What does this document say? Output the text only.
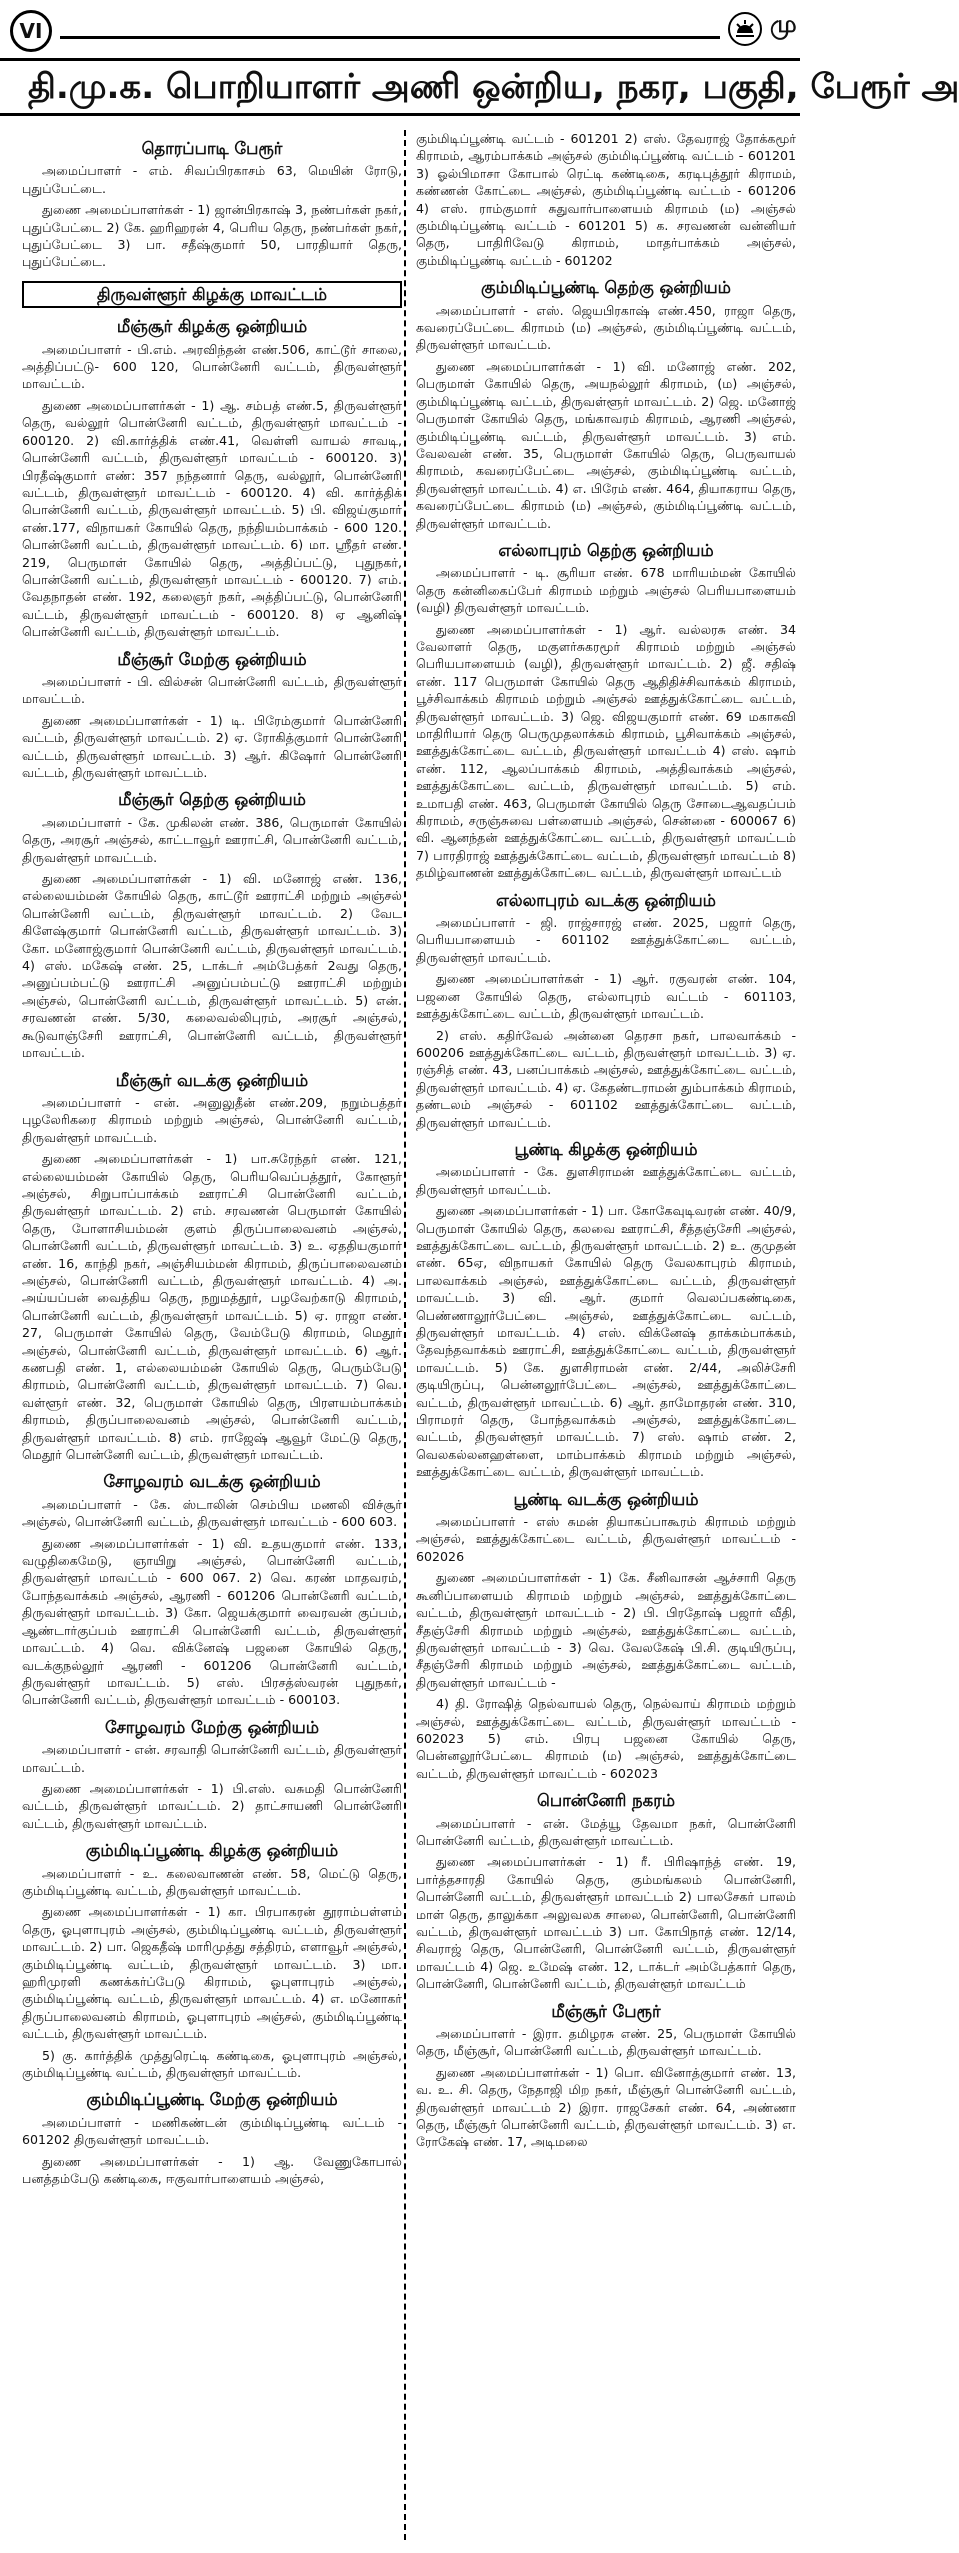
VI	மு
தி.மு.க. பொறியாளர் அணி ஒன்றிய, நகர, பகுதி, பேரூர் அ
தொரப்பாடி பேரூர்
அமைப்பாளர் - எம். சிவப்பிரகாசம் 63, மெயின் ரோடு, புதுப்பேட்டை.
துணை அமைப்பாளர்கள் - 1) ஜான்பிரகாஷ் 3, நண்பர்கள் நகர், புதுப்பேட்டை 2) கே. ஹரிஹரன் 4, பெரிய தெரு, நண்பர்கள் நகர், புதுப்பேட்டை 3) பா. சதீஷ்குமார் 50, பாரதியார் தெரு, புதுப்பேட்டை.
திருவள்ளூர் கிழக்கு மாவட்டம்
மீஞ்சூர் கிழக்கு ஒன்றியம்
அமைப்பாளர் - பி.எம். அரவிந்தன் எண்.506, காட்டூர் சாலை, அத்திப்பட்டு- 600 120, பொன்னேரி வட்டம், திருவள்ளூர் மாவட்டம்.
துணை அமைப்பாளர்கள் - 1) ஆ. சம்பத் எண்.5, திருவள்ளூர் தெரு, வல்லூர் பொன்னேரி வட்டம், திருவள்ளூர் மாவட்டம் - 600120. 2) வி.கார்த்திக் எண்.41, வெள்ளி வாயல் சாவடி, பொன்னேரி வட்டம், திருவள்ளூர் மாவட்டம் - 600120. 3) பிரதீஷ்குமார் எண்: 357 நந்தனார் தெரு, வல்லூர், பொன்னேரி வட்டம், திருவள்ளூர் மாவட்டம் - 600120. 4) வி. கார்த்திக் பொன்னேரி வட்டம், திருவள்ளூர் மாவட்டம். 5) பி. விஜய்குமார் எண்.177, விநாயகர் கோயில் தெரு, நந்தியம்பாக்கம் - 600 120. பொன்னேரி வட்டம், திருவள்ளூர் மாவட்டம். 6) மா. ஸ்ரீதர் எண். 219, பெருமாள் கோயில் தெரு, அத்திப்பட்டு, புதுநகர், பொன்னேரி வட்டம், திருவள்ளூர் மாவட்டம் - 600120. 7) எம். வேதநாதன் எண். 192, கலைஞர் நகர், அத்திப்பட்டு, பொன்னேரி வட்டம், திருவள்ளூர் மாவட்டம் - 600120. 8) ஏ ஆனிஷ் பொன்னேரி வட்டம், திருவள்ளூர் மாவட்டம்.
மீஞ்சூர் மேற்கு ஒன்றியம்
அமைப்பாளர் - பி. வில்சன் பொன்னேரி வட்டம், திருவள்ளூர் மாவட்டம்.
துணை அமைப்பாளர்கள் - 1) டி. பிரேம்குமார் பொன்னேரி வட்டம், திருவள்ளூர் மாவட்டம். 2) ஏ. ரோகித்குமார் பொன்னேரி வட்டம், திருவள்ளூர் மாவட்டம். 3) ஆர். கிஷோர் பொன்னேரி வட்டம், திருவள்ளூர் மாவட்டம்.
மீஞ்சூர் தெற்கு ஒன்றியம்
அமைப்பாளர் - கே. முகிலன் எண். 386, பெருமாள் கோயில் தெரு, அரசூர் அஞ்சல், காட்டாவூர் ஊராட்சி, பொன்னேரி வட்டம், திருவள்ளூர் மாவட்டம்.
துணை அமைப்பாளர்கள் - 1) வி. மனோஜ் எண். 136, எல்லையம்மன் கோயில் தெரு, காட்டூர் ஊராட்சி மற்றும் அஞ்சல் பொன்னேரி வட்டம், திருவள்ளூர் மாவட்டம். 2) வேட கிளேஷ்குமார் பொன்னேரி வட்டம், திருவள்ளூர் மாவட்டம். 3) கோ. மனோஜ்குமார் பொன்னேரி வட்டம், திருவள்ளூர் மாவட்டம். 4) எஸ். மகேஷ் எண். 25, டாக்டர் அம்பேத்கர் 2வது தெரு, அனுப்பம்பட்டு ஊராட்சி அனுப்பம்பட்டு ஊராட்சி மற்றும் அஞ்சல், பொன்னேரி வட்டம், திருவள்ளூர் மாவட்டம். 5) என். சரவணன் எண். 5/30, கலைவல்லிபுரம், அரசூர் அஞ்சல், கூடுவாஞ்சேரி ஊராட்சி, பொன்னேரி வட்டம், திருவள்ளூர் மாவட்டம்.
மீஞ்சூர் வடக்கு ஒன்றியம்
அமைப்பாளர் - என். அனுலுதீன் எண்.209, நறும்பத்தர் புழலேரிகரை கிராமம் மற்றும் அஞ்சல், பொன்னேரி வட்டம், திருவள்ளூர் மாவட்டம்.
துணை அமைப்பாளர்கள் - 1) பா.சுரேந்தர் எண். 121, எல்லையம்மன் கோயில் தெரு, பெரியவெப்பத்தூர், கோளூர் அஞ்சல், சிறுபாப்பாக்கம் ஊராட்சி பொன்னேரி வட்டம், திருவள்ளூர் மாவட்டம். 2) எம். சரவணன் பெருமாள் கோயில் தெரு, போளாசியம்மன் குளம் திருப்பாலைவனம் அஞ்சல், பொன்னேரி வட்டம், திருவள்ளூர் மாவட்டம். 3) உ. ஏததியகுமார் எண். 16, காந்தி நகர், அஞ்சியம்மன் கிராமம், திருப்பாலைவனம் அஞ்சல், பொன்னேரி வட்டம், திருவள்ளூர் மாவட்டம். 4) அ. அய்யப்பன் வைத்திய தெரு, நறுமத்தூர், பழவேற்காடு கிராமம், பொன்னேரி வட்டம், திருவள்ளூர் மாவட்டம். 5) ஏ. ராஜா எண். 27, பெருமாள் கோயில் தெரு, வேம்பேடு கிராமம், மெதூர் அஞ்சல், பொன்னேரி வட்டம், திருவள்ளூர் மாவட்டம். 6) ஆர். கணபதி எண். 1, எல்லையம்மன் கோயில் தெரு, பெரும்பேடு கிராமம், பொன்னேரி வட்டம், திருவள்ளூர் மாவட்டம். 7) வெ. வள்ளூர் எண். 32, பெருமாள் கோயில் தெரு, பிரளயம்பாக்கம் கிராமம், திருப்பாலைவனம் அஞ்சல், பொன்னேரி வட்டம், திருவள்ளூர் மாவட்டம். 8) எம். ராஜேஷ் ஆவூர் மேட்டு தெரு, மெதூர் பொன்னேரி வட்டம், திருவள்ளூர் மாவட்டம்.
சோழவரம் வடக்கு ஒன்றியம்
அமைப்பாளர் - கே. ஸ்டாலின் செம்பிய மணலி விச்சூர் அஞ்சல், பொன்னேரி வட்டம், திருவள்ளூர் மாவட்டம் - 600 603.
துணை அமைப்பாளர்கள் - 1) வி. உதயகுமார் எண். 133, வழுதிகைமேடு, ஞாயிறு அஞ்சல், பொன்னேரி வட்டம், திருவள்ளூர் மாவட்டம் - 600 067. 2) வெ. கரண் மாதவரம், போந்தவாக்கம் அஞ்சல், ஆரணி - 601206 பொன்னேரி வட்டம், திருவள்ளூர் மாவட்டம். 3) கோ. ஜெயக்குமார் வைரவன் குப்பம், ஆண்டார்குப்பம் ஊராட்சி பொன்னேரி வட்டம், திருவள்ளூர் மாவட்டம். 4) வெ. விக்னேஷ் பஜனை கோயில் தெரு, வடக்குநல்லூர் ஆரணி - 601206 பொன்னேரி வட்டம், திருவள்ளூர் மாவட்டம். 5) எஸ். பிரசத்ஸ்வரன் புதுநகர், பொன்னேரி வட்டம், திருவள்ளூர் மாவட்டம் - 600103.
சோழவரம் மேற்கு ஒன்றியம்
அமைப்பாளர் - என். சரவாதி பொன்னேரி வட்டம், திருவள்ளூர் மாவட்டம்.
துணை அமைப்பாளர்கள் - 1) பி.எஸ். வசுமதி பொன்னேரி வட்டம், திருவள்ளூர் மாவட்டம். 2) தாட்சாயணி பொன்னேரி வட்டம், திருவள்ளூர் மாவட்டம்.
கும்மிடிப்பூண்டி கிழக்கு ஒன்றியம்
அமைப்பாளர் - உ. கலைவாணன் எண். 58, மெட்டு தெரு, கும்மிடிப்பூண்டி வட்டம், திருவள்ளூர் மாவட்டம்.
துணை அமைப்பாளர்கள் - 1) கா. பிரபாகரன் தூராம்பள்ளம் தெரு, ஓபுளாபுரம் அஞ்சல், கும்மிடிப்பூண்டி வட்டம், திருவள்ளூர் மாவட்டம். 2) பா. ஜெகதீஷ் மாரிமுத்து சத்திரம், எளாவூர் அஞ்சல், கும்மிடிப்பூண்டி வட்டம், திருவள்ளூர் மாவட்டம். 3) மா. ஹரிமுரளி கணக்கர்ப்பேடு கிராமம், ஓபுளாபுரம் அஞ்சல், கும்மிடிப்பூண்டி வட்டம், திருவள்ளூர் மாவட்டம். 4) எ. மனோகர் திருப்பாலைவனம் கிராமம், ஓபுளாபுரம் அஞ்சல், கும்மிடிப்பூண்டி வட்டம், திருவள்ளூர் மாவட்டம்.
5) கு. கார்த்திக் முத்துரெட்டி கண்டிகை, ஓபுளாபுரம் அஞ்சல், கும்மிடிப்பூண்டி வட்டம், திருவள்ளூர் மாவட்டம்.
கும்மிடிப்பூண்டி மேற்கு ஒன்றியம்
அமைப்பாளர் - மணிகண்டன் கும்மிடிப்பூண்டி வட்டம் - 601202 திருவள்ளூர் மாவட்டம்.
துணை அமைப்பாளர்கள் - 1) ஆ. வேணுகோபால் பனத்தம்பேடு கண்டிகை, ஈகுவார்பாளையம் அஞ்சல்,
கும்மிடிப்பூண்டி வட்டம் - 601201 2) எஸ். தேவராஜ் தோக்கமூர் கிராமம், ஆரம்பாக்கம் அஞ்சல் கும்மிடிப்பூண்டி வட்டம் - 601201 3) ஓல்பிமாசா கோபால் ரெட்டி கண்டிகை, கரடிபுத்தூர் கிராமம், கண்ணன் கோட்டை அஞ்சல், கும்மிடிப்பூண்டி வட்டம் - 601206 4) எஸ். ராம்குமார் சுதுவார்பாளையம் கிராமம் (ம) அஞ்சல் கும்மிடிப்பூண்டி வட்டம் - 601201 5) க. சரவணன் வன்னியர் தெரு, பாதிரிவேடு கிராமம், மாதர்பாக்கம் அஞ்சல், கும்மிடிப்பூண்டி வட்டம் - 601202
கும்மிடிப்பூண்டி தெற்கு ஒன்றியம்
அமைப்பாளர் - எஸ். ஜெயபிரகாஷ் எண்.450, ராஜா தெரு, கவரைப்பேட்டை கிராமம் (ம) அஞ்சல், கும்மிடிப்பூண்டி வட்டம், திருவள்ளூர் மாவட்டம்.
துணை அமைப்பாளர்கள் - 1) வி. மனோஜ் எண். 202, பெருமாள் கோயில் தெரு, அயநல்லூர் கிராமம், (ம) அஞ்சல், கும்மிடிப்பூண்டி வட்டம், திருவள்ளூர் மாவட்டம். 2) ஜெ. மனோஜ் பெருமாள் கோயில் தெரு, மங்காவரம் கிராமம், ஆரணி அஞ்சல், கும்மிடிப்பூண்டி வட்டம், திருவள்ளூர் மாவட்டம். 3) எம். வேலவன் எண். 35, பெருமாள் கோயில் தெரு, பெருவாயல் கிராமம், கவரைப்பேட்டை அஞ்சல், கும்மிடிப்பூண்டி வட்டம், திருவள்ளூர் மாவட்டம். 4) எ. பிரேம் எண். 464, தியாகராய தெரு, கவரைப்பேட்டை கிராமம் (ம) அஞ்சல், கும்மிடிப்பூண்டி வட்டம், திருவள்ளூர் மாவட்டம்.
எல்லாபுரம் தெற்கு ஒன்றியம்
அமைப்பாளர் - டி. சூரியா எண். 678 மாரியம்மன் கோயில் தெரு கன்னிகைப்பேர் கிராமம் மற்றும் அஞ்சல் பெரியபாளையம் (வழி) திருவள்ளூர் மாவட்டம்.
துணை அமைப்பாளர்கள் - 1) ஆர். வல்லரசு எண். 34 வேலாளர் தெரு, மகுளர்சுகரமூர் கிராமம் மற்றும் அஞ்சல் பெரியபாளையம் (வழி), திருவள்ளூர் மாவட்டம். 2) ஜீ. சதிஷ் எண். 117 பெருமாள் கோயில் தெரு ஆதிதிச்சிவாக்கம் கிராமம், பூச்சிவாக்கம் கிராமம் மற்றும் அஞ்சல் ஊத்துக்கோட்டை வட்டம், திருவள்ளூர் மாவட்டம். 3) ஜெ. விஜயகுமார் எண். 69 மகாசுவி மாதிரியார் தெரு பெருமுதலாக்கம் கிராமம், பூசிவாக்கம் அஞ்சல், ஊத்துக்கோட்டை வட்டம், திருவள்ளூர் மாவட்டம் 4) எஸ். ஷாம் எண். 112, ஆலப்பாக்கம் கிராமம், அத்திவாக்கம் அஞ்சல், ஊத்துக்கோட்டை வட்டம், திருவள்ளூர் மாவட்டம். 5) எம். உமாபதி எண். 463, பெருமாள் கோயில் தெரு சோடைஆவதப்பம் கிராமம், சருஞ்சுவை பள்ளையம் அஞ்சல், சென்னை - 600067 6) வி. ஆனந்தன் ஊத்துக்கோட்டை வட்டம், திருவள்ளூர் மாவட்டம் 7) பாரதிராஜ் ஊத்துக்கோட்டை வட்டம், திருவள்ளூர் மாவட்டம் 8) தமிழ்வாணன் ஊத்துக்கோட்டை வட்டம், திருவள்ளூர் மாவட்டம்
எல்லாபுரம் வடக்கு ஒன்றியம்
அமைப்பாளர் - ஜி. ராஜ்சாரஜ் எண். 2025, பஜார் தெரு, பெரியபாளையம் - 601102 ஊத்துக்கோட்டை வட்டம், திருவள்ளூர் மாவட்டம்.
துணை அமைப்பாளர்கள் - 1) ஆர். ரகுவரன் எண். 104, பஜனை கோயில் தெரு, எல்லாபுரம் வட்டம் - 601103, ஊத்துக்கோட்டை வட்டம், திருவள்ளூர் மாவட்டம்.
2) எஸ். கதிர்வேல் அன்னை தெரசா நகர், பாலவாக்கம் - 600206 ஊத்துக்கோட்டை வட்டம், திருவள்ளூர் மாவட்டம். 3) ஏ. ரஞ்சித் எண். 43, பனப்பாக்கம் அஞ்சல், ஊத்துக்கோட்டை வட்டம், திருவள்ளூர் மாவட்டம். 4) ஏ. கேதண்டராமன் தும்பாக்கம் கிராமம், தண்டலம் அஞ்சல் - 601102 ஊத்துக்கோட்டை வட்டம், திருவள்ளூர் மாவட்டம்.
பூண்டி கிழக்கு ஒன்றியம்
அமைப்பாளர் - கே. துளசிராமன் ஊத்துக்கோட்டை வட்டம், திருவள்ளூர் மாவட்டம்.
துணை அமைப்பாளர்கள் - 1) பா. கோகேவுடிவரன் எண். 40/9, பெருமாள் கோயில் தெரு, கலவை ஊராட்சி, சீத்தஞ்சேரி அஞ்சல், ஊத்துக்கோட்டை வட்டம், திருவள்ளூர் மாவட்டம். 2) உ. குமுதன் எண். 65ஏ, விநாயகர் கோயில் தெரு வேலகாபுரம் கிராமம், பாலவாக்கம் அஞ்சல், ஊத்துக்கோட்டை வட்டம், திருவள்ளூர் மாவட்டம். 3) வி. ஆர். குமார் வெலப்பகண்டிகை, பெண்ணாலூர்பேட்டை அஞ்சல், ஊத்துக்கோட்டை வட்டம், திருவள்ளூர் மாவட்டம். 4) எஸ். விக்னேஷ் தாக்கம்பாக்கம், தேவந்தவாக்கம் ஊராட்சி, ஊத்துக்கோட்டை வட்டம், திருவள்ளூர் மாவட்டம். 5) கே. துளசிராமன் எண். 2/44, அலிச்சேரி குடியிருப்பு, பென்னலூர்பேட்டை அஞ்சல், ஊத்துக்கோட்டை வட்டம், திருவள்ளூர் மாவட்டம். 6) ஆர். தாமோதரன் எண். 310, பிராமரர் தெரு, போந்தவாக்கம் அஞ்சல், ஊத்துக்கோட்டை வட்டம், திருவள்ளூர் மாவட்டம். 7) எஸ். ஷாம் எண். 2, வெலகல்லனஹள்ளை, மாம்பாக்கம் கிராமம் மற்றும் அஞ்சல், ஊத்துக்கோட்டை வட்டம், திருவள்ளூர் மாவட்டம்.
பூண்டி வடக்கு ஒன்றியம்
அமைப்பாளர் - எஸ் சுமன் தியாகப்பாகூரம் கிராமம் மற்றும் அஞ்சல், ஊத்துக்கோட்டை வட்டம், திருவள்ளூர் மாவட்டம் - 602026
துணை அமைப்பாளர்கள் - 1) கே. சீனிவாசன் ஆச்சாரி தெரு கூனிப்பாளையம் கிராமம் மற்றும் அஞ்சல், ஊத்துக்கோட்டை வட்டம், திருவள்ளூர் மாவட்டம் - 2) பி. பிரதோஷ் பஜார் வீதி, சீதஞ்சேரி கிராமம் மற்றும் அஞ்சல், ஊத்துக்கோட்டை வட்டம், திருவள்ளூர் மாவட்டம் - 3) வெ. வேலகேஷ் பி.சி. குடியிருப்பு, சீதஞ்சேரி கிராமம் மற்றும் அஞ்சல், ஊத்துக்கோட்டை வட்டம், திருவள்ளூர் மாவட்டம் -
4) தி. ரோஷித் நெல்வாயல் தெரு, நெல்வாய் கிராமம் மற்றும் அஞ்சல், ஊத்துக்கோட்டை வட்டம், திருவள்ளூர் மாவட்டம் - 602023 5) எம். பிரபு பஜனை கோயில் தெரு, பென்னலூர்பேட்டை கிராமம் (ம) அஞ்சல், ஊத்துக்கோட்டை வட்டம், திருவள்ளூர் மாவட்டம் - 602023
பொன்னேரி நகரம்
அமைப்பாளர் - என். மேத்யூ தேவமா நகர், பொன்னேரி பொன்னேரி வட்டம், திருவள்ளூர் மாவட்டம்.
துணை அமைப்பாளர்கள் - 1) ரீ. பிரிஷாந்த் எண். 19, பார்த்தசாரதி கோயில் தெரு, கும்மங்கலம் பொன்னேரி, பொன்னேரி வட்டம், திருவள்ளூர் மாவட்டம் 2) பாலசேகர் பாலம் மாள் தெரு, தாலுக்கா அலுவலக சாலை, பொன்னேரி, பொன்னேரி வட்டம், திருவள்ளூர் மாவட்டம் 3) பா. கோபிநாத் எண். 12/14, சிவராஜ் தெரு, பொன்னேரி, பொன்னேரி வட்டம், திருவள்ளூர் மாவட்டம் 4) ஜெ. உமேஷ் எண். 12, டாக்டர் அம்பேத்கார் தெரு, பொன்னேரி, பொன்னேரி வட்டம், திருவள்ளூர் மாவட்டம்
மீஞ்சூர் பேரூர்
அமைப்பாளர் - இரா. தமிழரசு எண். 25, பெருமாள் கோயில் தெரு, மீஞ்சூர், பொன்னேரி வட்டம், திருவள்ளூர் மாவட்டம்.
துணை அமைப்பாளர்கள் - 1) பொ. வினோத்குமார் எண். 13, வ. உ. சி. தெரு, நேதாஜி மிற நகர், மீஞ்சூர் பொன்னேரி வட்டம், திருவள்ளூர் மாவட்டம் 2) இரா. ராஜசேகர் எண். 64, அண்ணா தெரு, மீஞ்சூர் பொன்னேரி வட்டம், திருவள்ளூர் மாவட்டம். 3) எ. ரோகேஷ் எண். 17, அடிமலை
